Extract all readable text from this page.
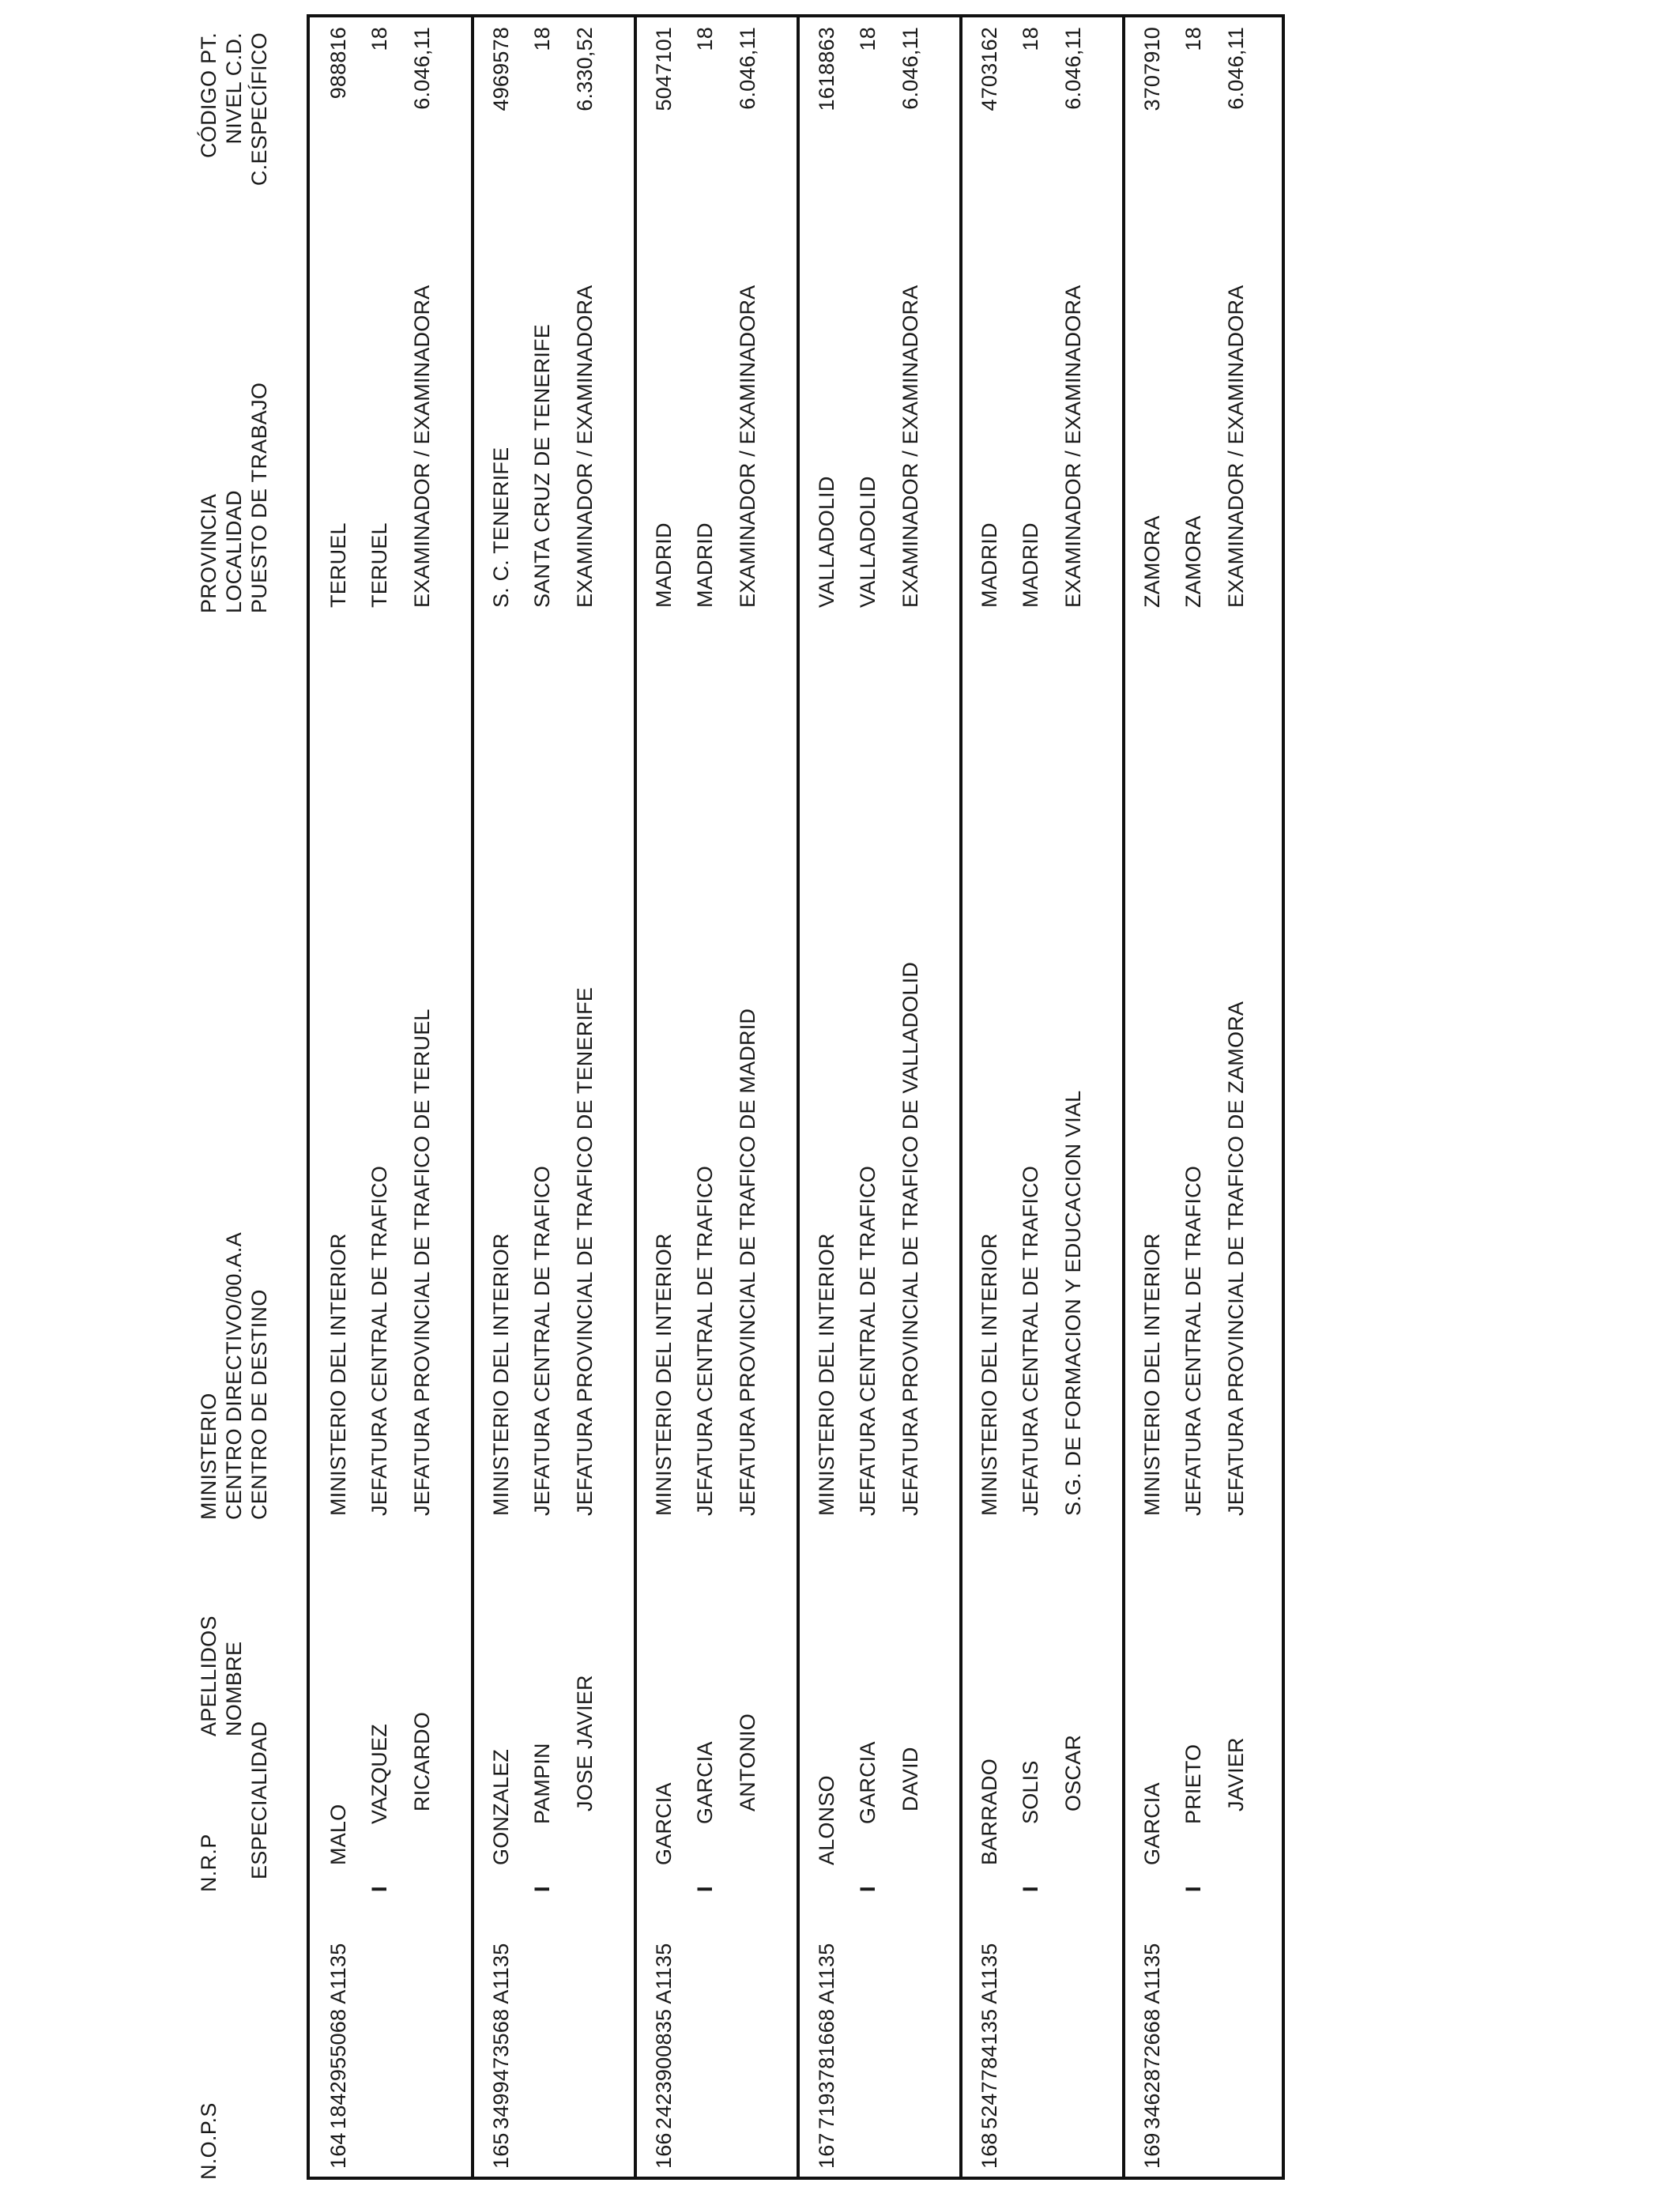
N.O.P.S
N.R.P ESPECIALIDAD
APELLIDOS NOMBRE
MINISTERIO CENTRO DIRECTIVO/00.A.A CENTRO DE DESTINO
PROVINCIA LOCALIDAD PUESTO DE TRABAJO
CÓDIGO PT. NIVEL C.D. C.ESPECÍFICO
164
1842955068 A1135
MALO
VAZQUEZ RICARDO
MINISTERIO DEL INTERIOR JEFATURA CENTRAL DE TRAFICO JEFATURA PROVINCIAL DE TRAFICO DE TERUEL
TERUEL TERUEL EXAMINADOR / EXAMINADORA
988816 18 6.046,11
I
165
3499473568 A1135
GONZALEZ PAMPIN JOSE JAVIER
MINISTERIO DEL INTERIOR JEFATURA CENTRAL DE TRAFICO JEFATURA PROVINCIAL DE TRAFICO DE TENERIFE
S. C. TENERIFE SANTA CRUZ DE TENERIFE EXAMINADOR / EXAMINADORA
4969578 18 6.330,52
I
166
2423900835 A1135
GARCIA GARCIA ANTONIO
MINISTERIO DEL INTERIOR JEFATURA CENTRAL DE TRAFICO JEFATURA PROVINCIAL DE TRAFICO DE MADRID
MADRID MADRID EXAMINADOR / EXAMINADORA
5047101 18 6.046,11
I
167
7193781668 A1135
ALONSO GARCIA DAVID
MINISTERIO DEL INTERIOR JEFATURA CENTRAL DE TRAFICO JEFATURA PROVINCIAL DE TRAFICO DE VALLADOLID
VALLADOLID VALLADOLID EXAMINADOR / EXAMINADORA
1618863 18 6.046,11
I
168
5247784135 A1135
BARRADO SOLIS OSCAR
MINISTERIO DEL INTERIOR JEFATURA CENTRAL DE TRAFICO S.G. DE FORMACION Y EDUCACION VIAL
MADRID MADRID EXAMINADOR / EXAMINADORA
4703162 18 6.046,11
I
169
3462872668 A1135
GARCIA PRIETO JAVIER
MINISTERIO DEL INTERIOR JEFATURA CENTRAL DE TRAFICO JEFATURA PROVINCIAL DE TRAFICO DE ZAMORA
ZAMORA ZAMORA EXAMINADOR / EXAMINADORA
3707910 18 6.046,11
I
